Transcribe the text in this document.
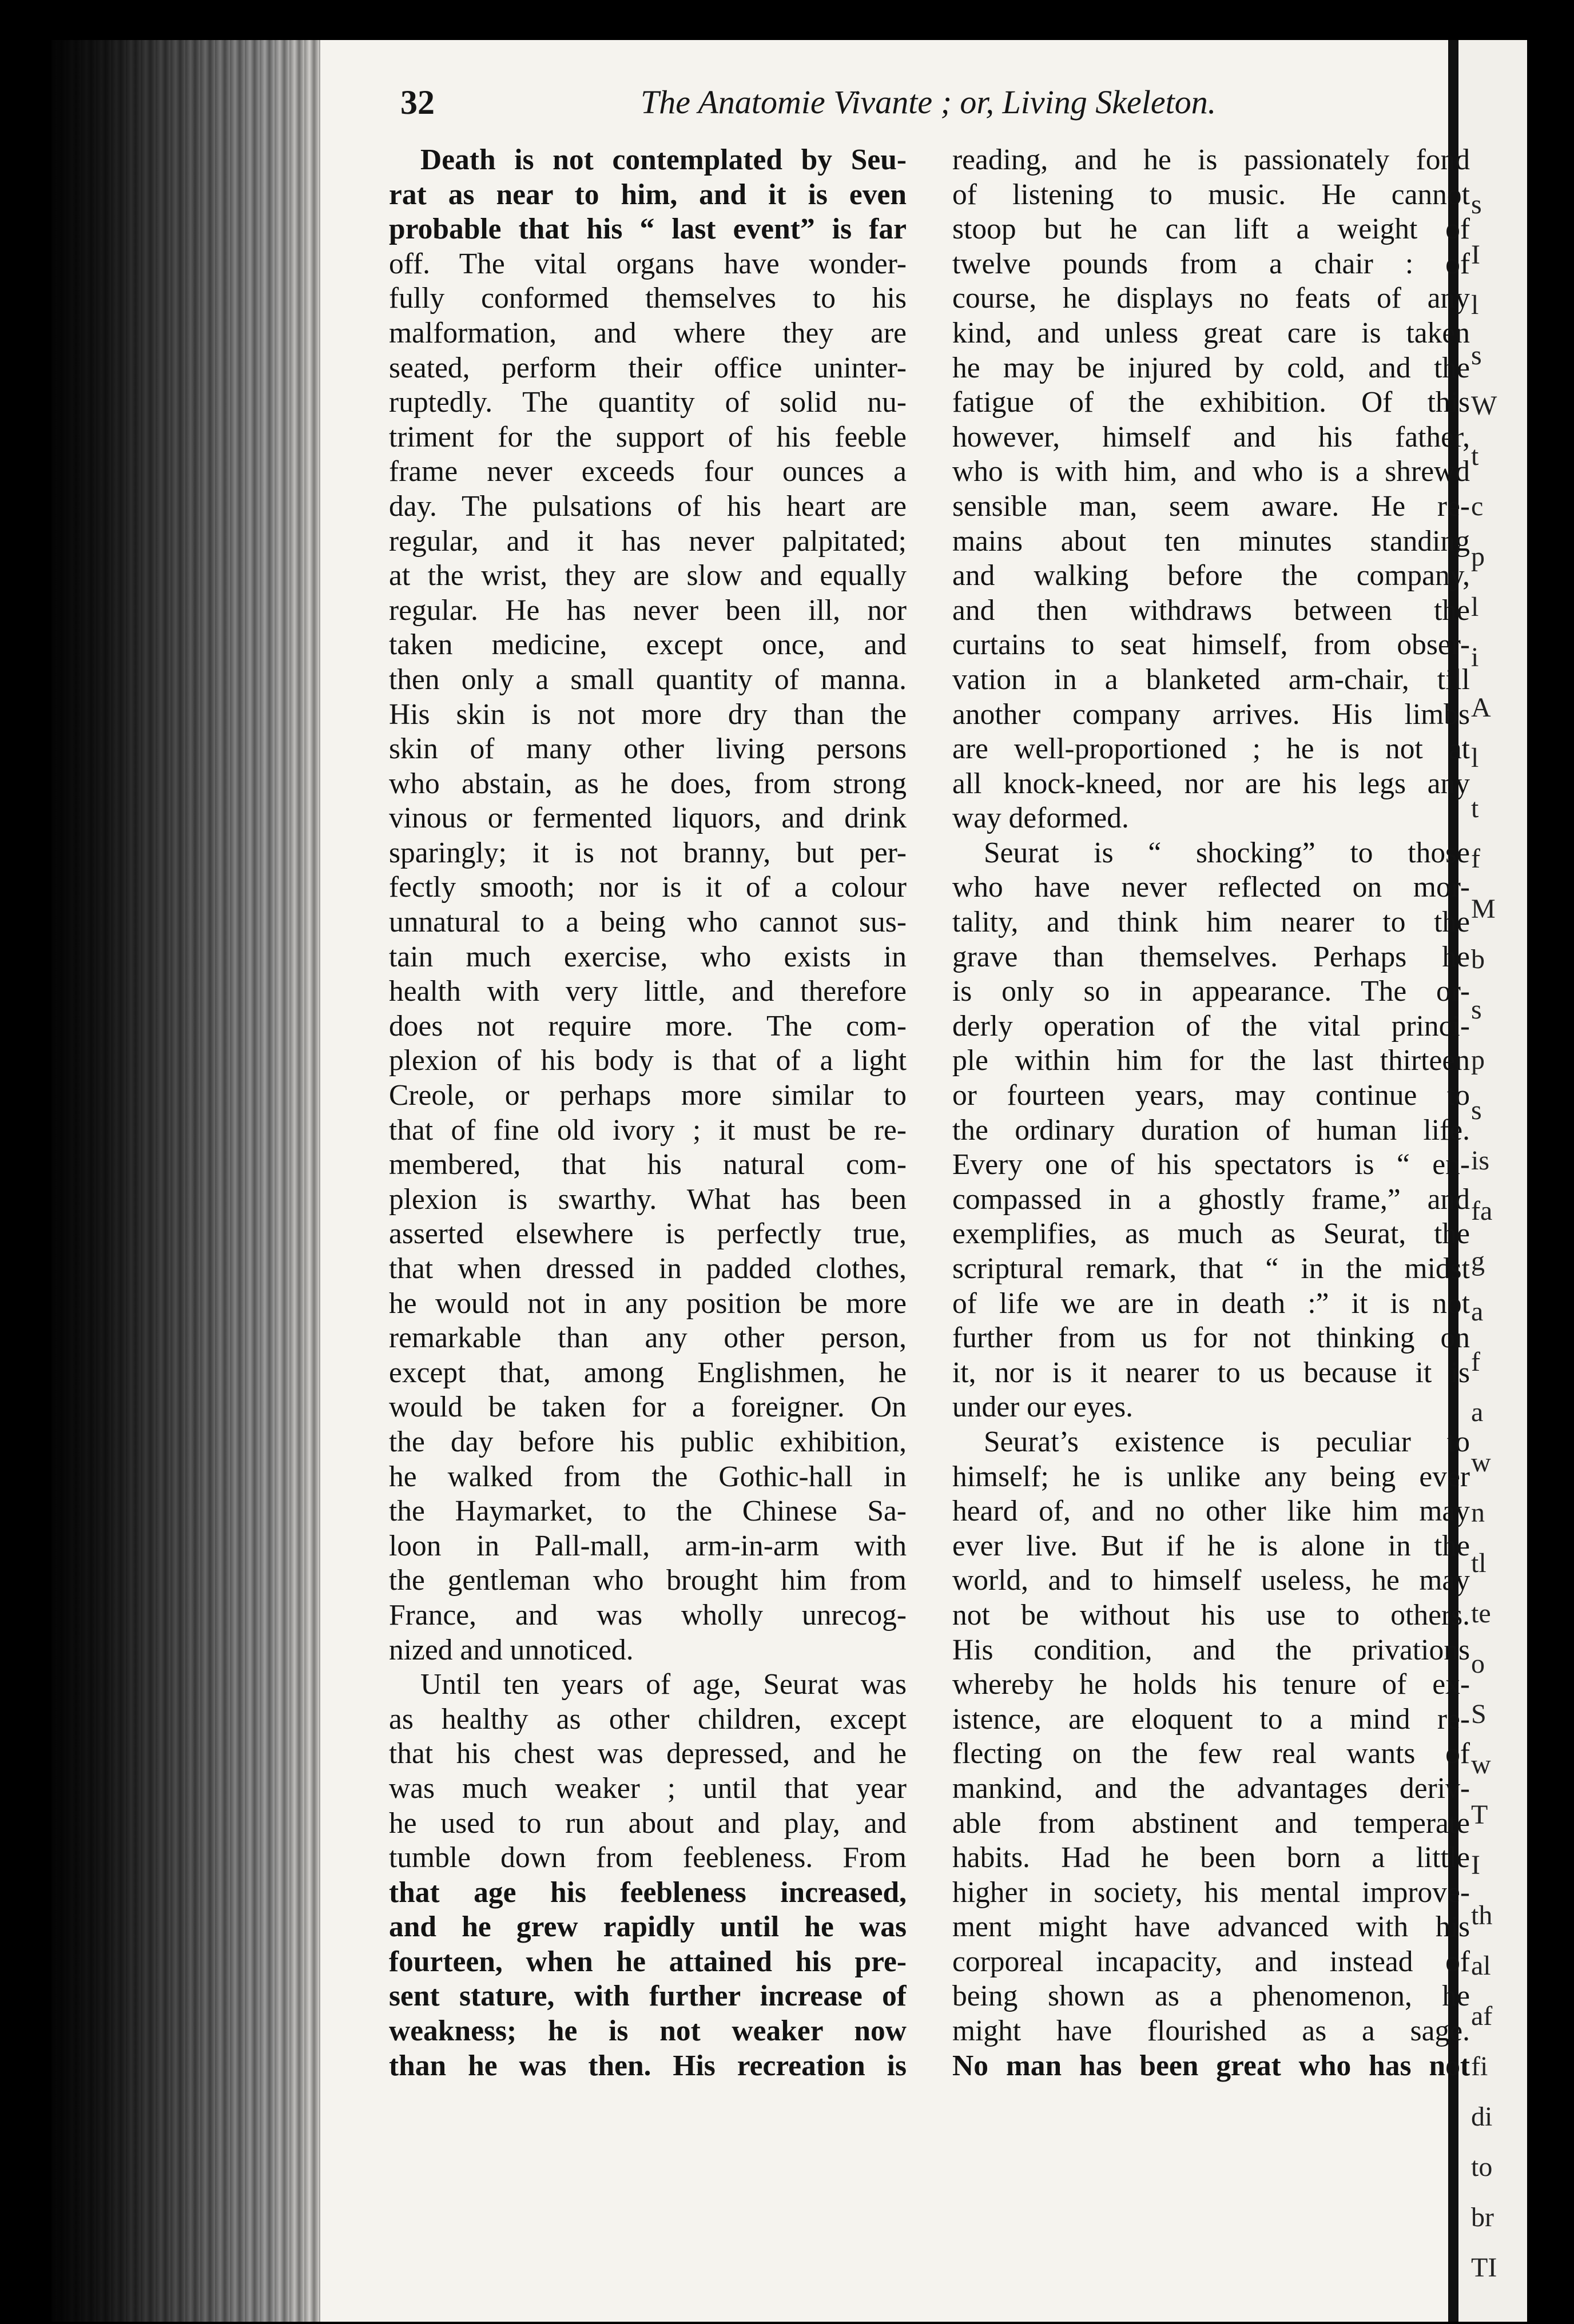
s
I
l
s
W
t
c
p
l
i
A
l
t
f
M
b
s
p
s
is
fa
g
a
f
a
w
n
tl
te
o
S
w
T
I
th
al
af
fi
di
to
br
TI
32	The Anatomie Vivante ; or, Living Skeleton.
Death is not contemplated by Seu-
rat as near to him, and it is even
probable that his “ last event” is far
off. The vital organs have wonder-
fully conformed themselves to his
malformation, and where they are
seated, perform their office uninter-
ruptedly. The quantity of solid nu-
triment for the support of his feeble
frame never exceeds four ounces a
day. The pulsations of his heart are
regular, and it has never palpitated;
at the wrist, they are slow and equally
regular. He has never been ill, nor
taken medicine, except once, and
then only a small quantity of manna.
His skin is not more dry than the
skin of many other living persons
who abstain, as he does, from strong
vinous or fermented liquors, and drink
sparingly; it is not branny, but per-
fectly smooth; nor is it of a colour
unnatural to a being who cannot sus-
tain much exercise, who exists in
health with very little, and therefore
does not require more. The com-
plexion of his body is that of a light
Creole, or perhaps more similar to
that of fine old ivory ; it must be re-
membered, that his natural com-
plexion is swarthy. What has been
asserted elsewhere is perfectly true,
that when dressed in padded clothes,
he would not in any position be more
remarkable than any other person,
except that, among Englishmen, he
would be taken for a foreigner. On
the day before his public exhibition,
he walked from the Gothic-hall in
the Haymarket, to the Chinese Sa-
loon in Pall-mall, arm-in-arm with
the gentleman who brought him from
France, and was wholly unrecog-
nized and unnoticed.
Until ten years of age, Seurat was
as healthy as other children, except
that his chest was depressed, and he
was much weaker ; until that year
he used to run about and play, and
tumble down from feebleness. From
that age his feebleness increased,
and he grew rapidly until he was
fourteen, when he attained his pre-
sent stature, with further increase of
weakness; he is not weaker now
than he was then. His recreation is
reading, and he is passionately fond
of listening to music. He cannot
stoop but he can lift a weight of
twelve pounds from a chair : of
course, he displays no feats of any
kind, and unless great care is taken
he may be injured by cold, and the
fatigue of the exhibition. Of this
however, himself and his father,
who is with him, and who is a shrewd
sensible man, seem aware. He re-
mains about ten minutes standing
and walking before the company,
and then withdraws between the
curtains to seat himself, from obser-
vation in a blanketed arm-chair, till
another company arrives. His limbs
are well-proportioned ; he is not at
all knock-kneed, nor are his legs any
way deformed.
Seurat is “ shocking” to those
who have never reflected on mor-
tality, and think him nearer to the
grave than themselves. Perhaps he
is only so in appearance. The or-
derly operation of the vital princi-
ple within him for the last thirteen
or fourteen years, may continue to
the ordinary duration of human life.
Every one of his spectators is “ en-
compassed in a ghostly frame,” and
exemplifies, as much as Seurat, the
scriptural remark, that “ in the midst
of life we are in death :” it is not
further from us for not thinking on
it, nor is it nearer to us because it is
under our eyes.
Seurat’s existence is peculiar to
himself; he is unlike any being ever
heard of, and no other like him may
ever live. But if he is alone in the
world, and to himself useless, he may
not be without his use to others.
His condition, and the privations
whereby he holds his tenure of ex-
istence, are eloquent to a mind re-
flecting on the few real wants of
mankind, and the advantages deriv-
able from abstinent and temperate
habits. Had he been born a little
higher in society, his mental improve-
ment might have advanced with his
corporeal incapacity, and instead of
being shown as a phenomenon, he
might have flourished as a sage.
No man has been great who has not
